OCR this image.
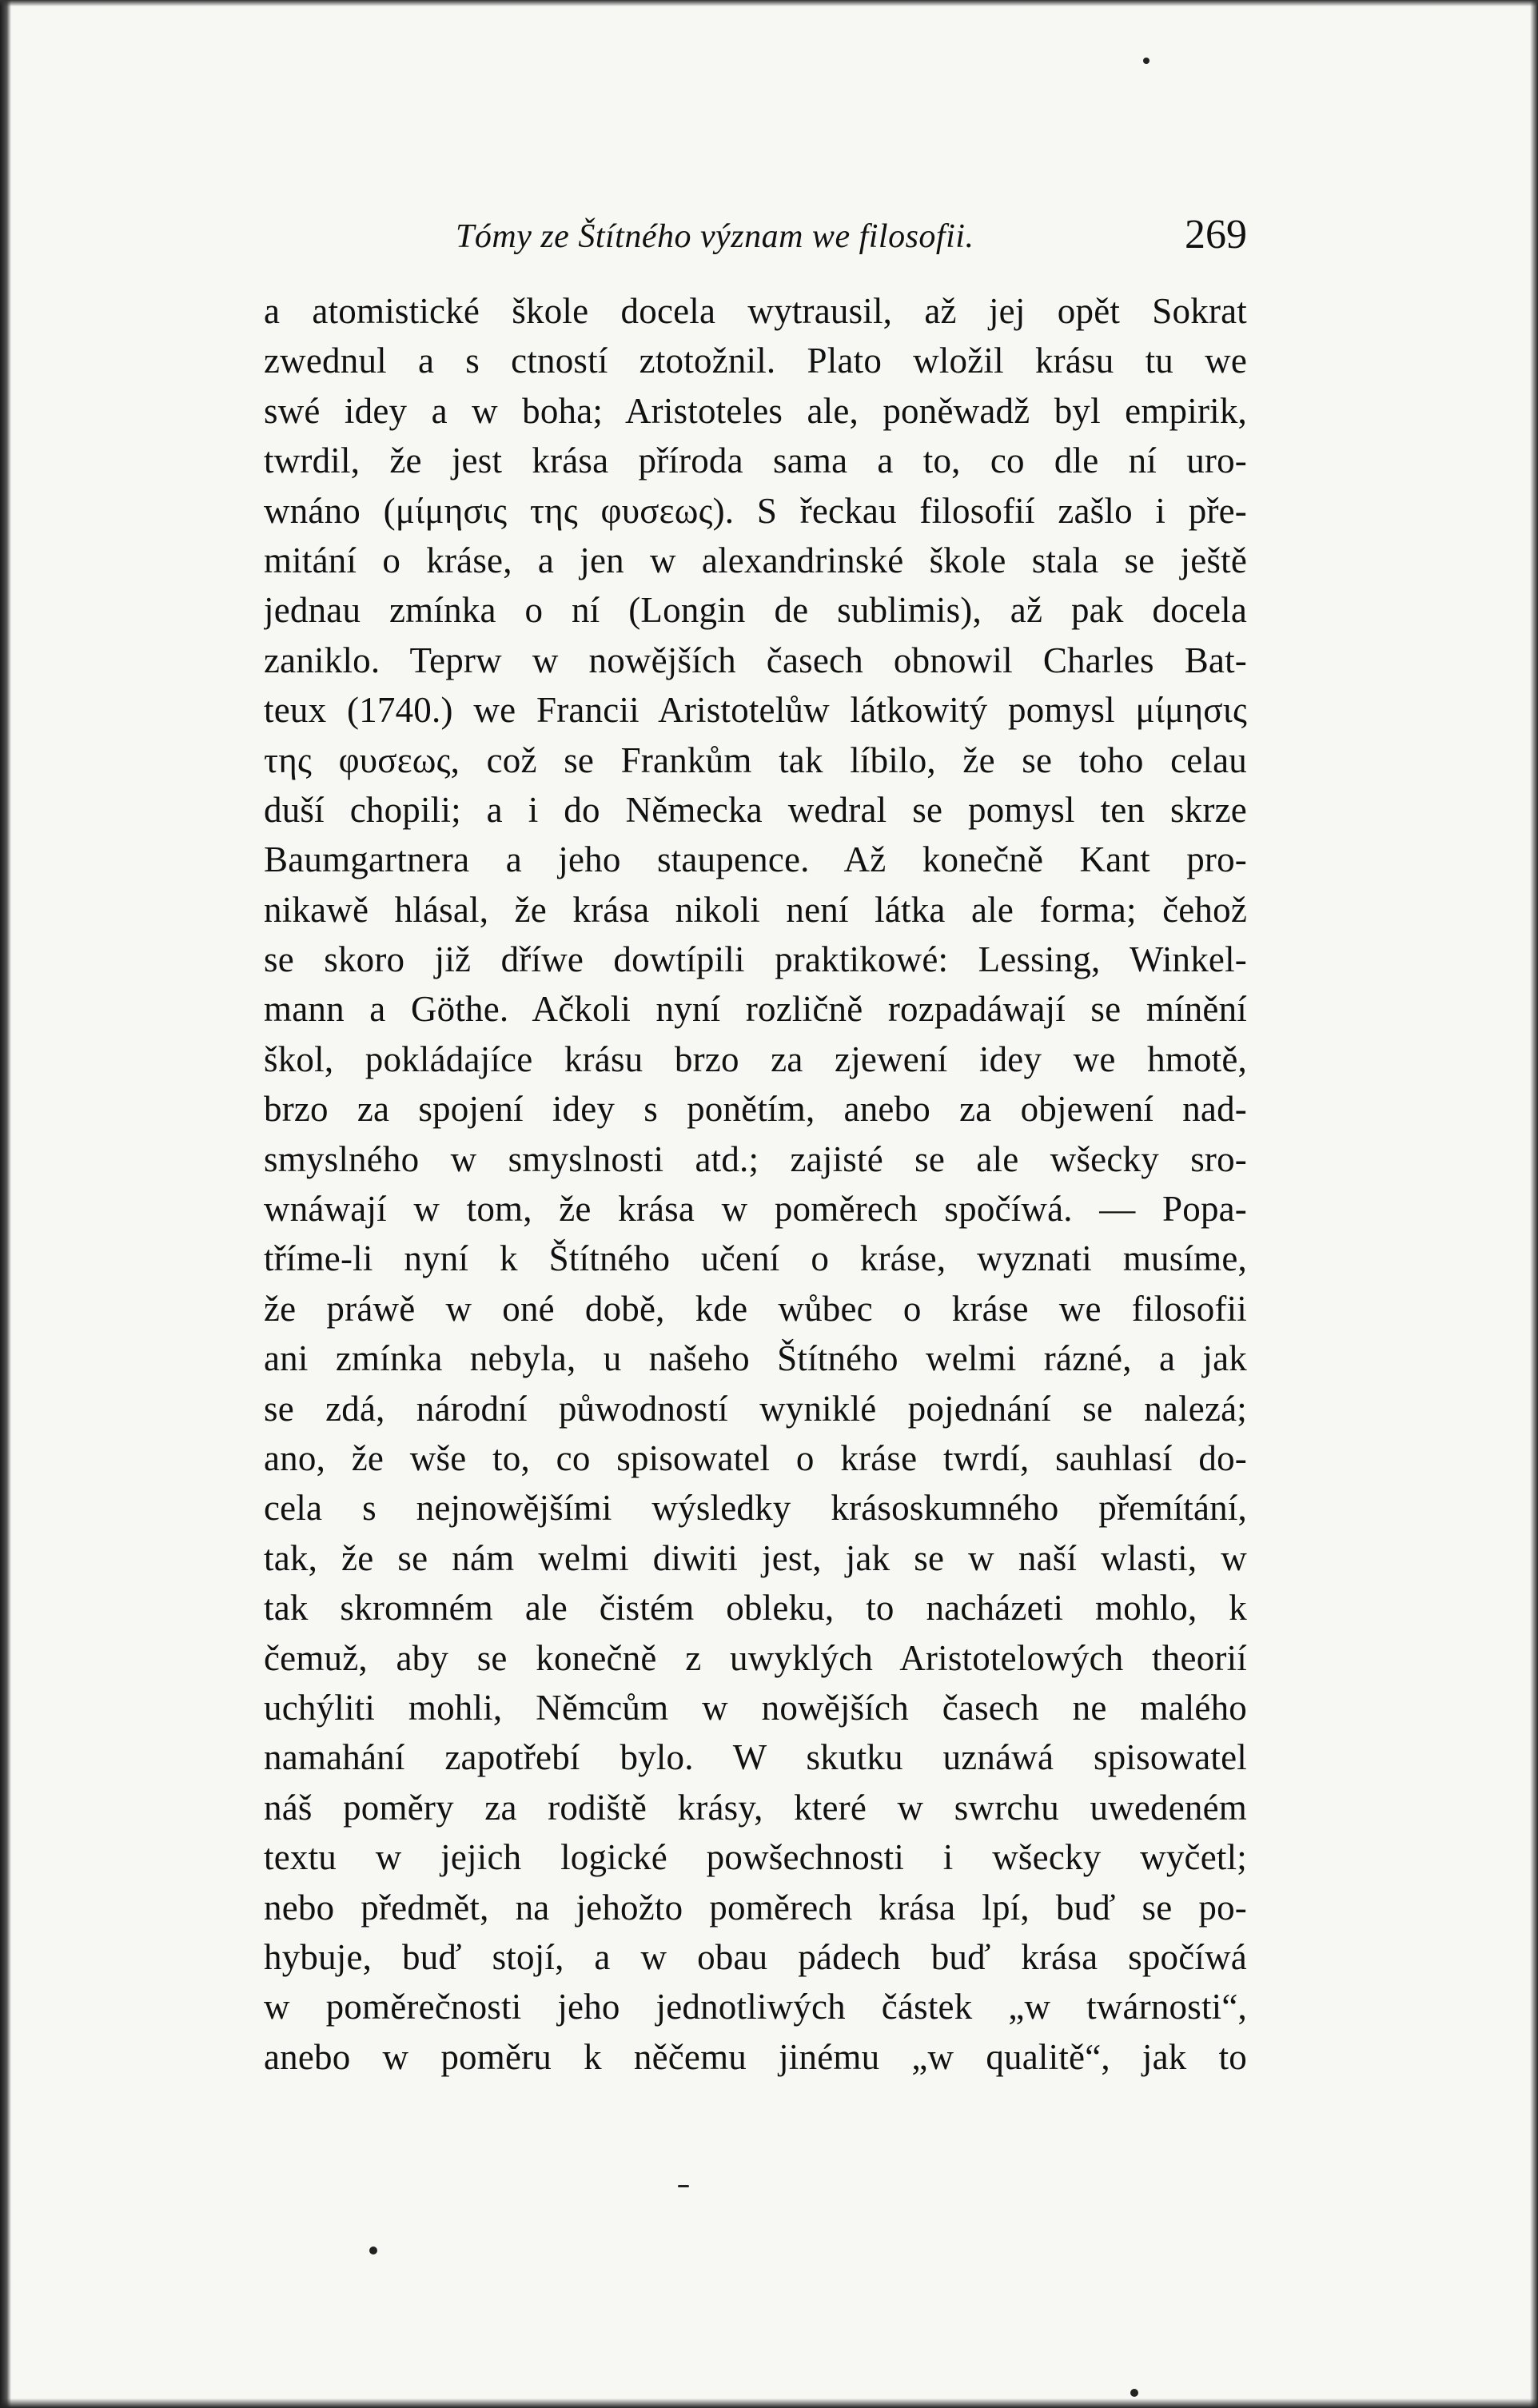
Tómy ze Štítného význam we filosofii.	269
a atomistické škole docela wytrausil, až jej opět Sokrat
zwednul a s ctností ztotožnil. Plato wložil krásu tu we
swé idey a w boha; Aristoteles ale, poněwadž byl empirik,
twrdil, že jest krása příroda sama a to, co dle ní uro-
wnáno (μίμησις της φυσεως). S řeckau filosofií zašlo i pře-
mitání o kráse, a jen w alexandrinské škole stala se ještě
jednau zmínka o ní (Longin de sublimis), až pak docela
zaniklo. Teprw w nowějších časech obnowil Charles Bat-
teux (1740.) we Francii Aristotelůw látkowitý pomysl μίμησις
της φυσεως, což se Frankům tak líbilo, že se toho celau
duší chopili; a i do Německa wedral se pomysl ten skrze
Baumgartnera a jeho staupence. Až konečně Kant pro-
nikawě hlásal, že krása nikoli není látka ale forma; čehož
se skoro již dříwe dowtípili praktikowé: Lessing, Winkel-
mann a Göthe. Ačkoli nyní rozličně rozpadáwají se mínění
škol, pokládajíce krásu brzo za zjewení idey we hmotě,
brzo za spojení idey s ponětím, anebo za objewení nad-
smyslného w smyslnosti atd.; zajisté se ale wšecky sro-
wnáwají w tom, že krása w poměrech spočíwá. — Popa-
tříme-li nyní k Štítného učení o kráse, wyznati musíme,
že práwě w oné době, kde wůbec o kráse we filosofii
ani zmínka nebyla, u našeho Štítného welmi rázné, a jak
se zdá, národní půwodností wyniklé pojednání se nalezá;
ano, že wše to, co spisowatel o kráse twrdí, sauhlasí do-
cela s nejnowějšími wýsledky krásoskumného přemítání,
tak, že se nám welmi diwiti jest, jak se w naší wlasti, w
tak skromném ale čistém obleku, to nacházeti mohlo, k
čemuž, aby se konečně z uwyklých Aristotelowých theorií
uchýliti mohli, Němcům w nowějších časech ne malého
namahání zapotřebí bylo. W skutku uznáwá spisowatel
náš poměry za rodiště krásy, které w swrchu uwedeném
textu w jejich logické powšechnosti i wšecky wyčetl;
nebo předmět, na jehožto poměrech krása lpí, buď se po-
hybuje, buď stojí, a w obau pádech buď krása spočíwá
w poměrečnosti jeho jednotliwých částek „w twárnosti“,
anebo w poměru k něčemu jinému „w qualitě“, jak to
